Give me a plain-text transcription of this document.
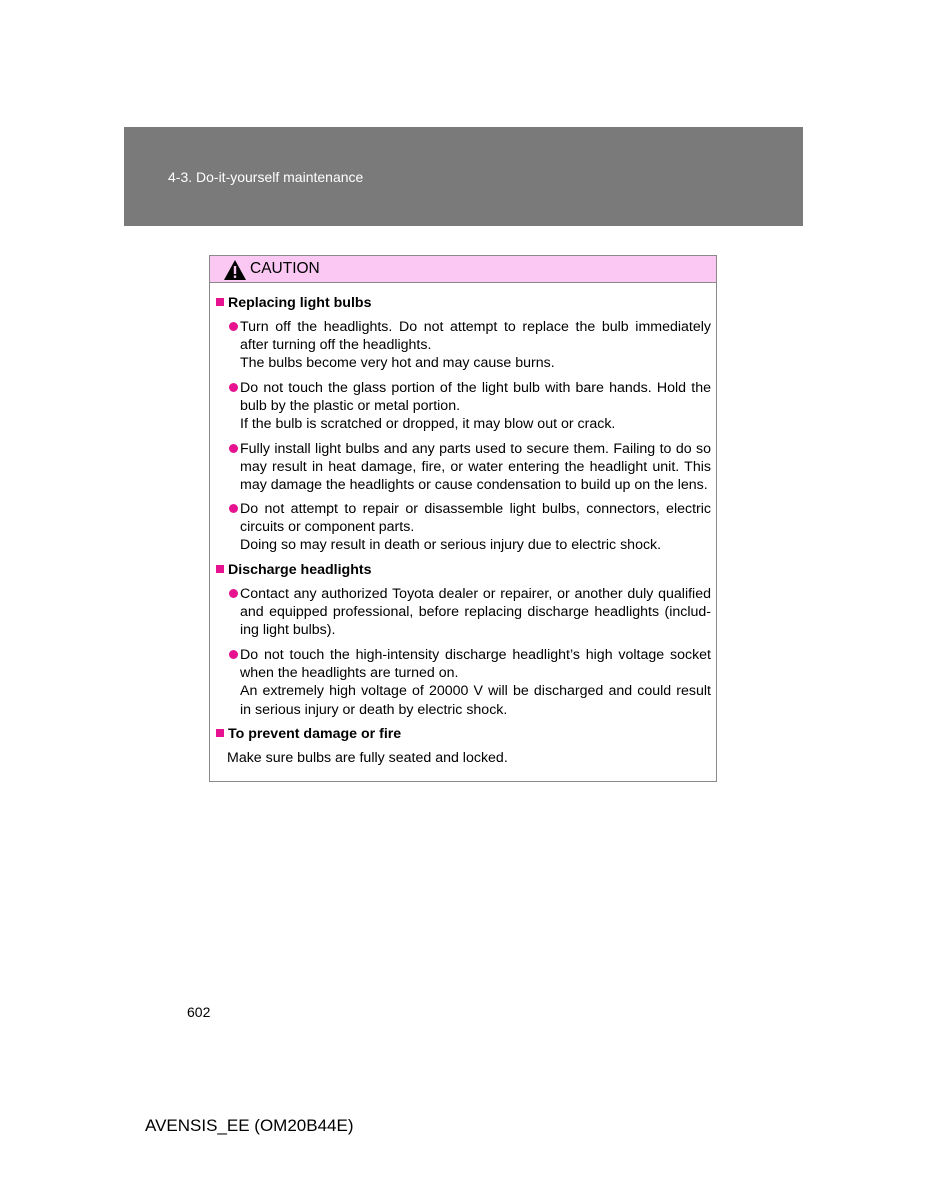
4-3. Do-it-yourself maintenance
CAUTION
Replacing light bulbs
Turn off the headlights. Do not attempt to replace the bulb immediately after turning off the headlights.
The bulbs become very hot and may cause burns.
Do not touch the glass portion of the light bulb with bare hands. Hold the bulb by the plastic or metal portion.
If the bulb is scratched or dropped, it may blow out or crack.
Fully install light bulbs and any parts used to secure them. Failing to do so may result in heat damage, fire, or water entering the headlight unit. This may damage the headlights or cause condensation to build up on the lens.
Do not attempt to repair or disassemble light bulbs, connectors, electric circuits or component parts.
Doing so may result in death or serious injury due to electric shock.
Discharge headlights
Contact any authorized Toyota dealer or repairer, or another duly qualified and equipped professional, before replacing discharge headlights (includ-ing light bulbs).
Do not touch the high-intensity discharge headlight’s high voltage socket when the headlights are turned on.
An extremely high voltage of 20000 V will be discharged and could result in serious injury or death by electric shock.
To prevent damage or fire
Make sure bulbs are fully seated and locked.
602
AVENSIS_EE (OM20B44E)
